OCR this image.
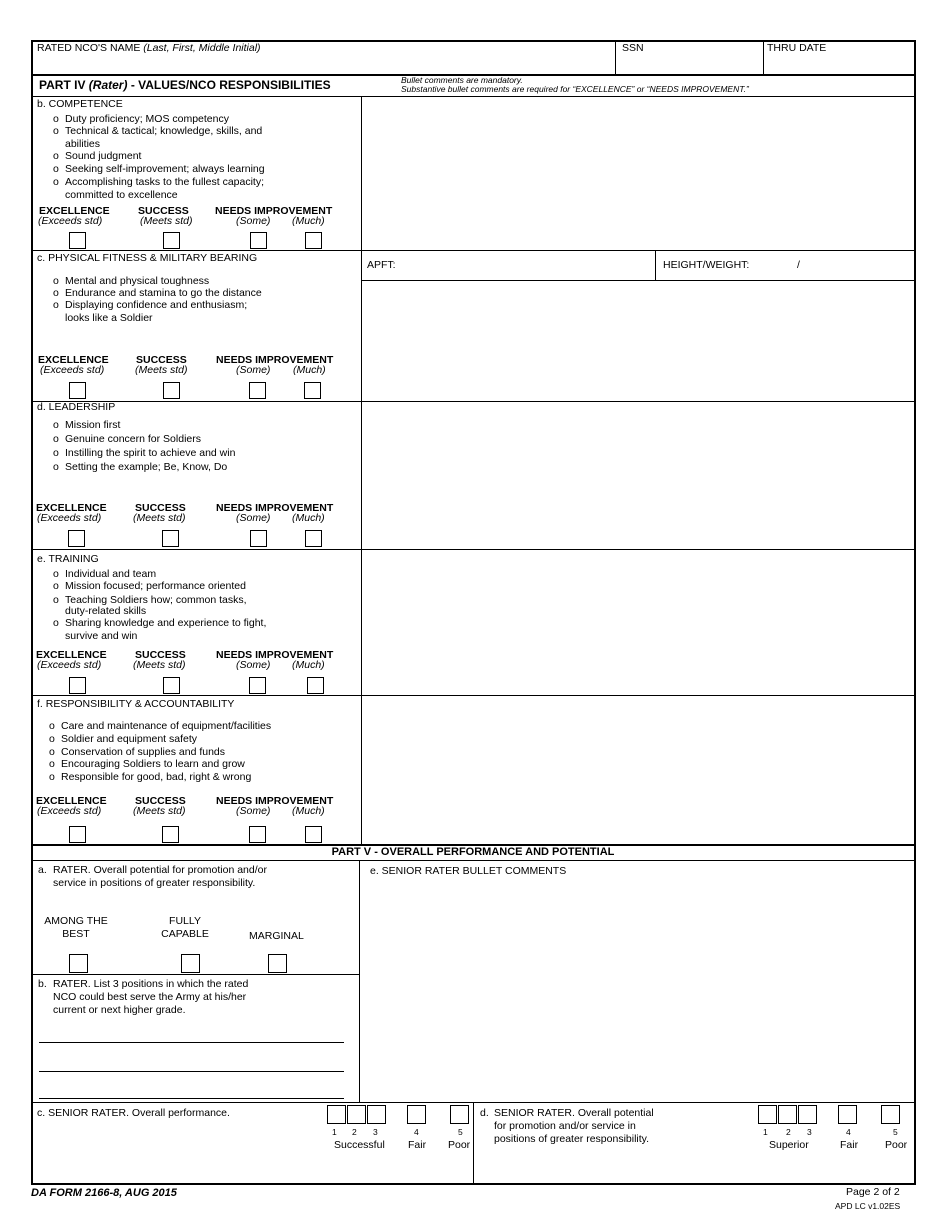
RATED NCO'S NAME (Last, First, Middle Initial)	SSN	THRU DATE
PART IV (Rater) - VALUES/NCO RESPONSIBILITIES	Bullet comments are mandatory.
Substantive bullet comments are required for “EXCELLENCE” or “NEEDS IMPROVEMENT.”
b. COMPETENCE
o Duty proficiency; MOS competency
o Technical & tactical; knowledge, skills, and
abilities
o Sound judgment
o Seeking self-improvement; always learning
o Accomplishing tasks to the fullest capacity;
committed to excellence
EXCELLENCE
(Exceeds std)
SUCCESS
(Meets std)
NEEDS IMPROVEMENT
(Some) (Much)
c. PHYSICAL FITNESS & MILITARY BEARING
o Mental and physical toughness
o Endurance and stamina to go the distance
o Displaying confidence and enthusiasm;
looks like a Soldier
EXCELLENCE
(Exceeds std)
SUCCESS
(Meets std)
NEEDS IMPROVEMENT
(Some) (Much)
APFT:	HEIGHT/WEIGHT:	/
d. LEADERSHIP
o Mission first
o Genuine concern for Soldiers
o Instilling the spirit to achieve and win
o Setting the example; Be, Know, Do
EXCELLENCE
(Exceeds std)
SUCCESS
(Meets std)
NEEDS IMPROVEMENT
(Some) (Much)
e. TRAINING
o Individual and team
o Mission focused; performance oriented
o Teaching Soldiers how; common tasks,
duty-related skills
o Sharing knowledge and experience to fight,
survive and win
EXCELLENCE
(Exceeds std)
SUCCESS
(Meets std)
NEEDS IMPROVEMENT
(Some) (Much)
f. RESPONSIBILITY & ACCOUNTABILITY
o Care and maintenance of equipment/facilities
o Soldier and equipment safety
o Conservation of supplies and funds
o Encouraging Soldiers to learn and grow
o Responsible for good, bad, right & wrong
EXCELLENCE
(Exceeds std)
SUCCESS
(Meets std)
NEEDS IMPROVEMENT
(Some) (Much)
PART V - OVERALL PERFORMANCE AND POTENTIAL
a. RATER. Overall potential for promotion and/or
service in positions of greater responsibility.
AMONG THE
BEST
FULLY
CAPABLE	MARGINAL
b. RATER. List 3 positions in which the rated
NCO could best serve the Army at his/her
current or next higher grade.
e. SENIOR RATER BULLET COMMENTS
c. SENIOR RATER. Overall performance.
1 2 3	4	5
Successful Fair Poor
d. SENIOR RATER. Overall potential
for promotion and/or service in
positions of greater responsibility.
1 2 3	4	5
Superior	Fair	Poor
DA FORM 2166-8, AUG 2015	Page 2 of 2
APD LC v1.02ES
